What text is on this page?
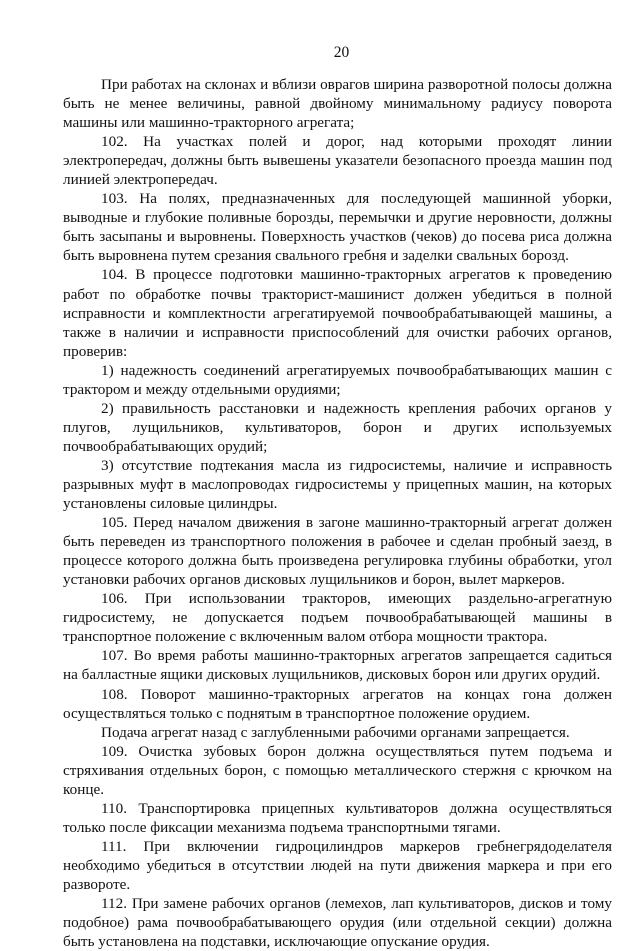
20

При работах на склонах и вблизи оврагов ширина разворотной полосы должна быть не менее величины, равной двойному минимальному радиусу поворота машины или машинно-тракторного агрегата;

102. На участках полей и дорог, над которыми проходят линии электропередач, должны быть вывешены указатели безопасного проезда машин под линией электропередач.

103. На полях, предназначенных для последующей машинной уборки, выводные и глубокие поливные борозды, перемычки и другие неровности, должны быть засыпаны и выровнены. Поверхность участков (чеков) до посева риса должна быть выровнена путем срезания свального гребня и заделки свальных борозд.

104. В процессе подготовки машинно-тракторных агрегатов к проведению работ по обработке почвы тракторист-машинист должен убедиться в полной исправности и комплектности агрегатируемой почвообрабатывающей машины, а также в наличии и исправности приспособлений для очистки рабочих органов, проверив:

1) надежность соединений агрегатируемых почвообрабатывающих машин с трактором и между отдельными орудиями;

2) правильность расстановки и надежность крепления рабочих органов у плугов, лущильников, культиваторов, борон и других используемых почвообрабатывающих орудий;

3) отсутствие подтекания масла из гидросистемы, наличие и исправность разрывных муфт в маслопроводах гидросистемы у прицепных машин, на которых установлены силовые цилиндры.

105. Перед началом движения в загоне машинно-тракторный агрегат должен быть переведен из транспортного положения в рабочее и сделан пробный заезд, в процессе которого должна быть произведена регулировка глубины обработки, угол установки рабочих органов дисковых лущильников и борон, вылет маркеров.

106. При использовании тракторов, имеющих раздельно-агрегатную гидросистему, не допускается подъем почвообрабатывающей машины в транспортное положение с включенным валом отбора мощности трактора.

107. Во время работы машинно-тракторных агрегатов запрещается садиться на балластные ящики дисковых лущильников, дисковых борон или других орудий.

108. Поворот машинно-тракторных агрегатов на концах гона должен осуществляться только с поднятым в транспортное положение орудием.

Подача агрегат назад с заглубленными рабочими органами запрещается.

109. Очистка зубовых борон должна осуществляться путем подъема и стряхивания отдельных борон, с помощью металлического стержня с крючком на конце.

110. Транспортировка прицепных культиваторов должна осуществляться только после фиксации механизма подъема транспортными тягами.

111. При включении гидроцилиндров маркеров гребнегрядоделателя необходимо убедиться в отсутствии людей на пути движения маркера и при его развороте.

112. При замене рабочих органов (лемехов, лап культиваторов, дисков и тому подобное) рама почвообрабатывающего орудия (или отдельной секции) должна быть установлена на подставки, исключающие опускание орудия.
